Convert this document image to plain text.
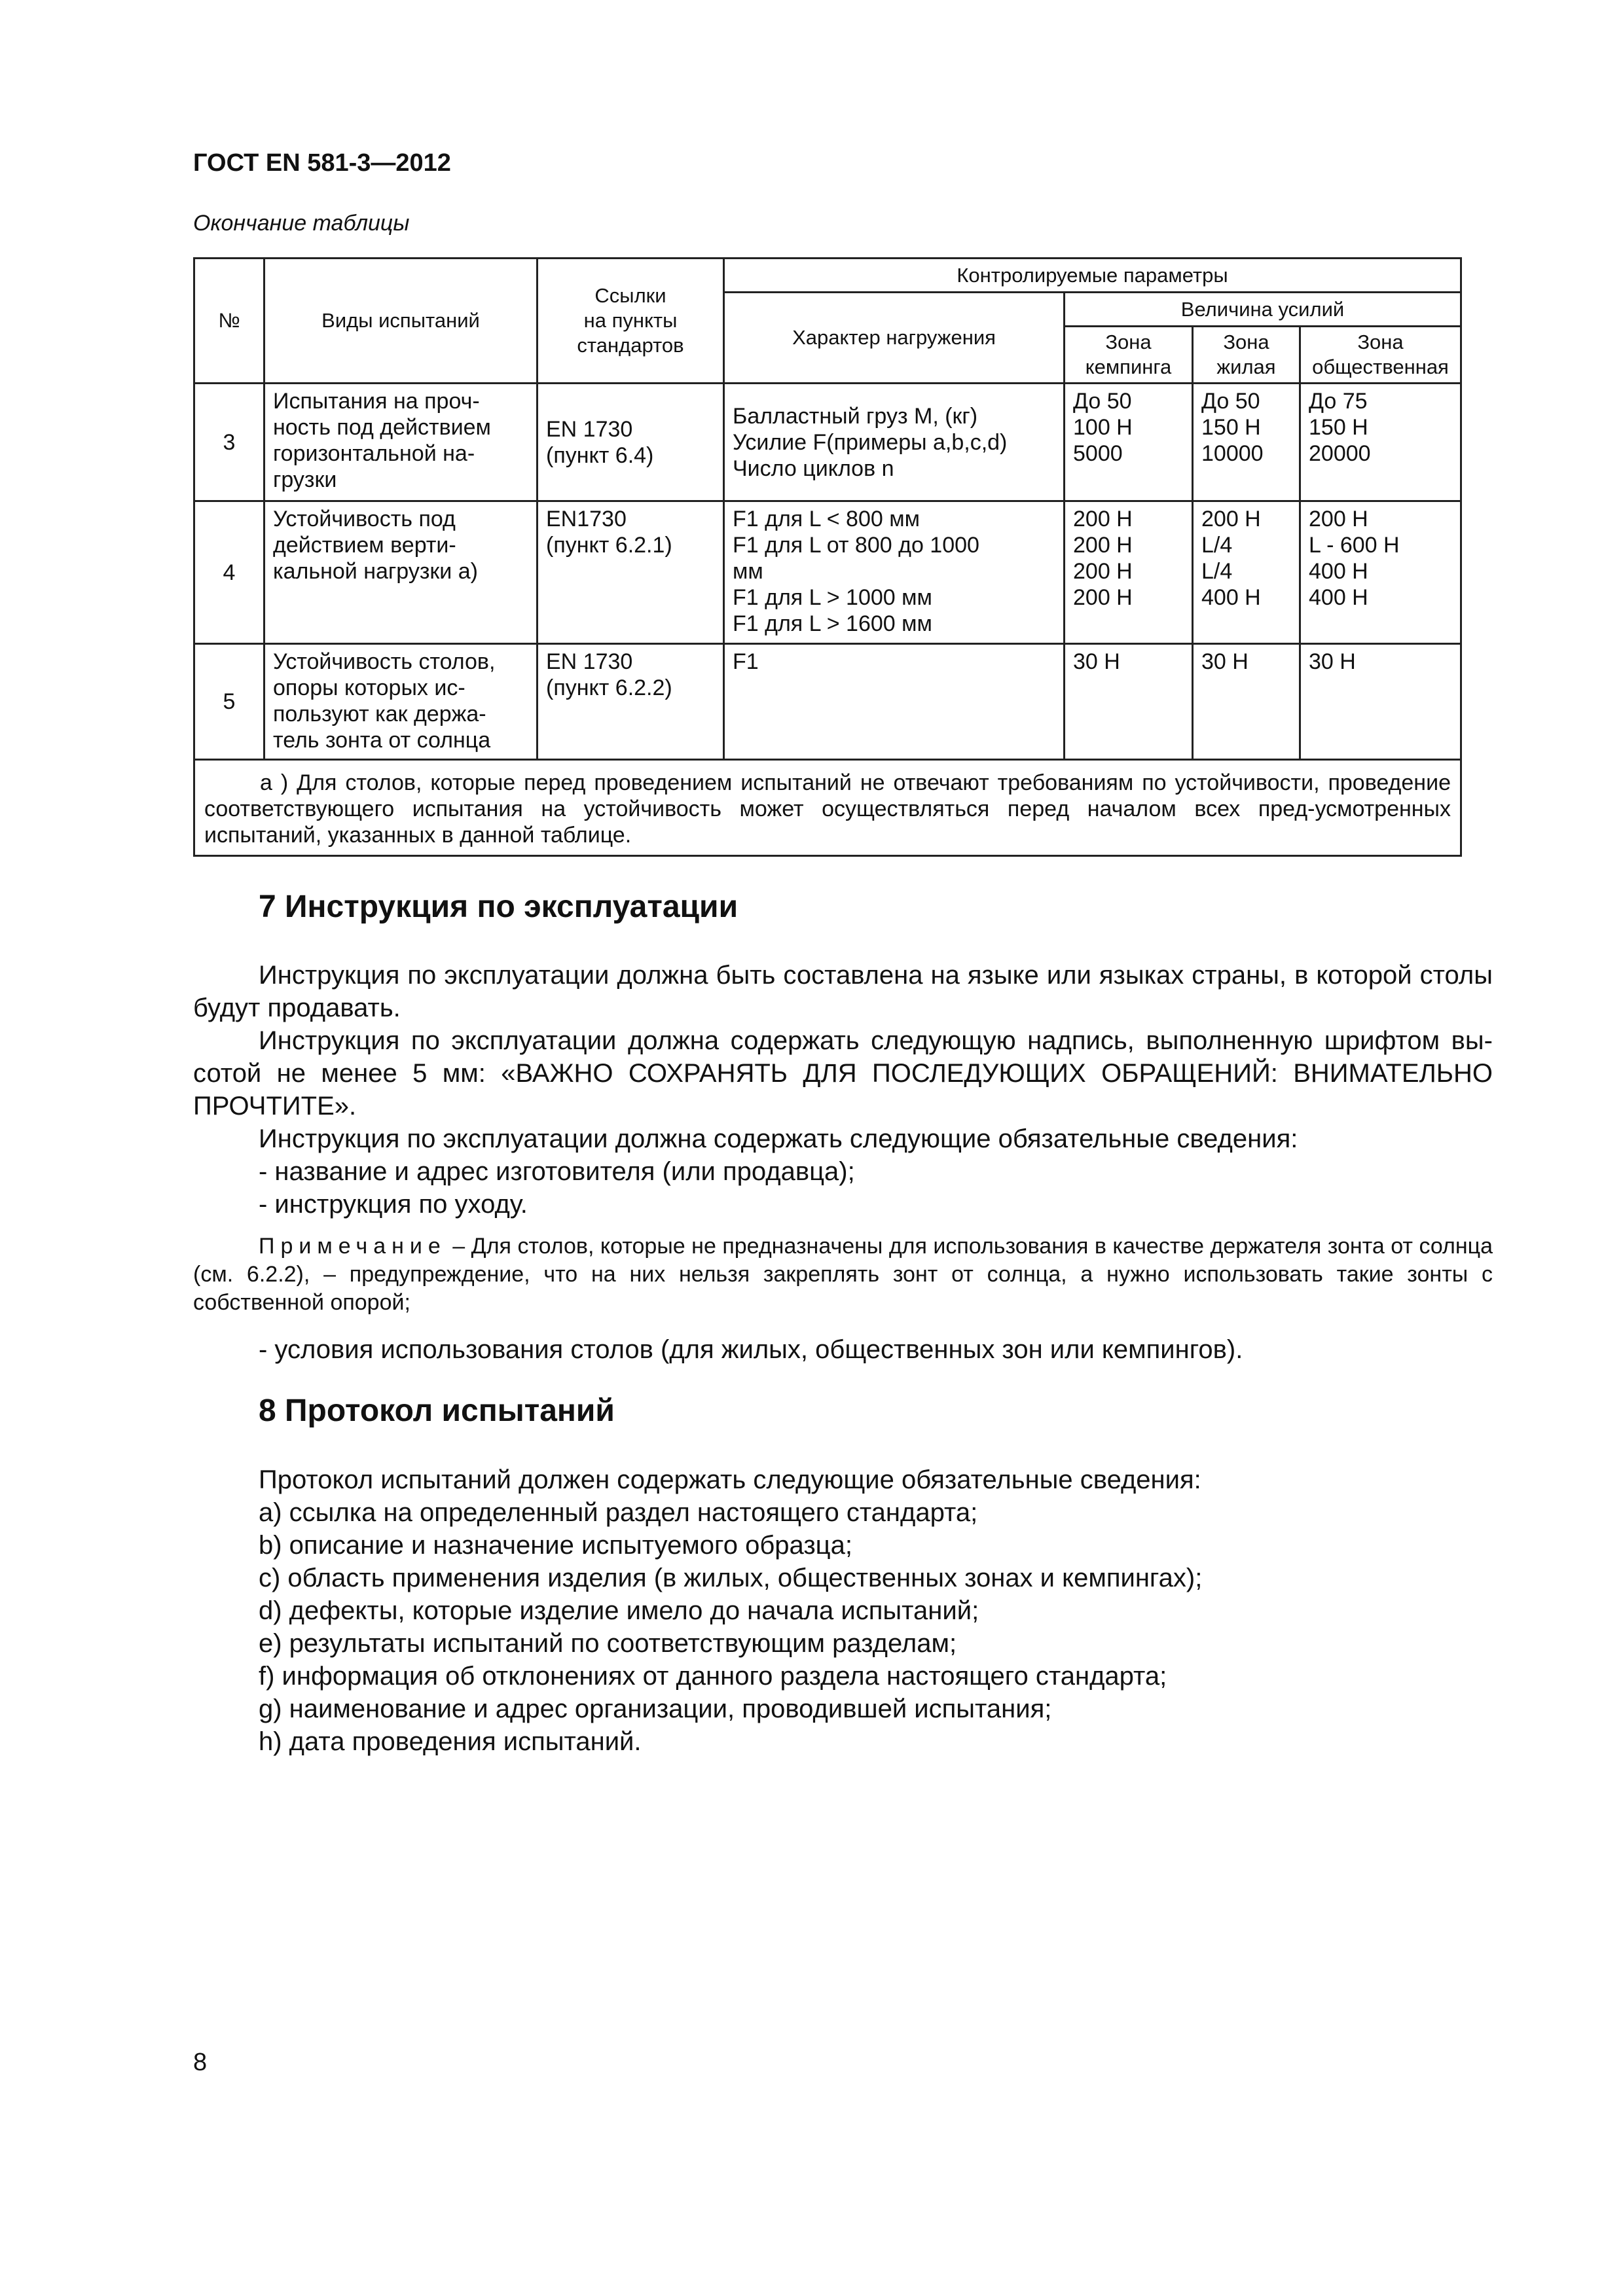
ГОСТ EN 581-3—2012
Окончание таблицы
№	Виды испытаний	Ссылки
на пункты
стандартов	Контролируемые параметры			
			Характер нагружения	Величина усилий		
				Зона
кемпинга	Зона
жилая	Зона
общественная
3	Испытания на проч-
ность под действием
горизонтальной на-
грузки	EN 1730
(пункт 6.4)	Балластный груз М, (кг)
Усилие F(примеры a,b,c,d)
Число циклов n	До 50
100 Н
5000	До 50
150 Н
10000	До 75
150 Н
20000
4	Устойчивость под
действием верти-
кальной нагрузки a)	EN1730
(пункт 6.2.1)	F1 для L < 800 мм
F1 для L от 800 до 1000
мм
F1 для L > 1000 мм
F1 для L > 1600 мм	200 Н
200 Н
200 Н
200 Н	200 Н
L/4
L/4
400 Н	200 Н
L - 600 Н
400 Н
400 Н
5	Устойчивость столов,
опоры которых ис-
пользуют как держа-
тель зонта от солнца	EN 1730
(пункт 6.2.2)	F1	30 Н	30 Н	30 Н

a ) Для столов, которые перед проведением испытаний не отвечают требованиям по устойчивости, проведение соответствующего испытания на устойчивость может осуществляться перед началом всех пред-усмотренных испытаний, указанных в данной таблице.						
7 Инструкция по эксплуатации

Инструкция по эксплуатации должна быть составлена на языке или языках страны, в которой столы будут продавать.

Инструкция по эксплуатации должна содержать следующую надпись, выполненную шрифтом вы-сотой не менее 5 мм: «ВАЖНО СОХРАНЯТЬ ДЛЯ ПОСЛЕДУЮЩИХ ОБРАЩЕНИЙ: ВНИМАТЕЛЬНО ПРОЧТИТЕ».

Инструкция по эксплуатации должна содержать следующие обязательные сведения:

- название и адрес изготовителя (или продавца);

- инструкция по уходу.

Примечание – Для столов, которые не предназначены для использования в качестве держателя зонта от солнца (см. 6.2.2), – предупреждение, что на них нельзя закреплять зонт от солнца, а нужно использовать такие зонты с собственной опорой;

- условия использования столов (для жилых, общественных зон или кемпингов).

8 Протокол испытаний

Протокол испытаний должен содержать следующие обязательные сведения:

a) ссылка на определенный раздел настоящего стандарта;

b) описание и назначение испытуемого образца;

c) область применения изделия (в жилых, общественных зонах и кемпингах);

d) дефекты, которые изделие имело до начала испытаний;

e) результаты испытаний по соответствующим разделам;

f) информация об отклонениях от данного раздела настоящего стандарта;

g) наименование и адрес организации, проводившей испытания;

h) дата проведения испытаний.

8
